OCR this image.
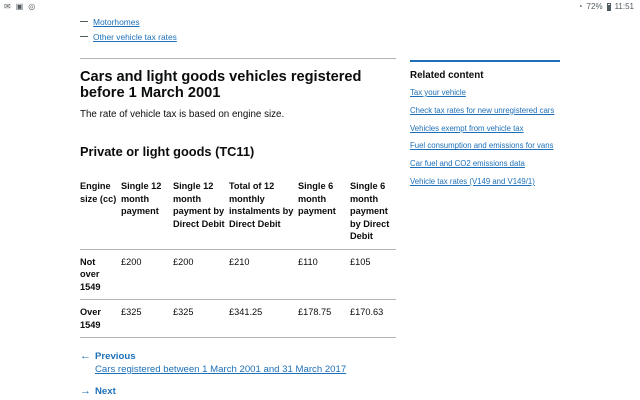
✉ ▣ ◎	◔ 72% 11:51
Motorhomes
Other vehicle tax rates
Cars and light goods vehicles registered before 1 March 2001

The rate of vehicle tax is based on engine size.

Private or light goods (TC11)
Engine size (cc)	Single 12 month payment	Single 12 month payment by Direct Debit	Total of 12 monthly instalments by Direct Debit	Single 6 month payment	Single 6 month payment by Direct Debit
Not over 1549	£200	£200	£210	£110	£105
Over 1549	£325	£325	£341.25	£178.75	£170.63
← Previous
Cars registered between 1 March 2001 and 31 March 2017
→ Next
Related content
Tax your vehicle
Check tax rates for new unregistered cars
Vehicles exempt from vehicle tax
Fuel consumption and emissions for vans
Car fuel and CO2 emissions data
Vehicle tax rates (V149 and V149/1)
